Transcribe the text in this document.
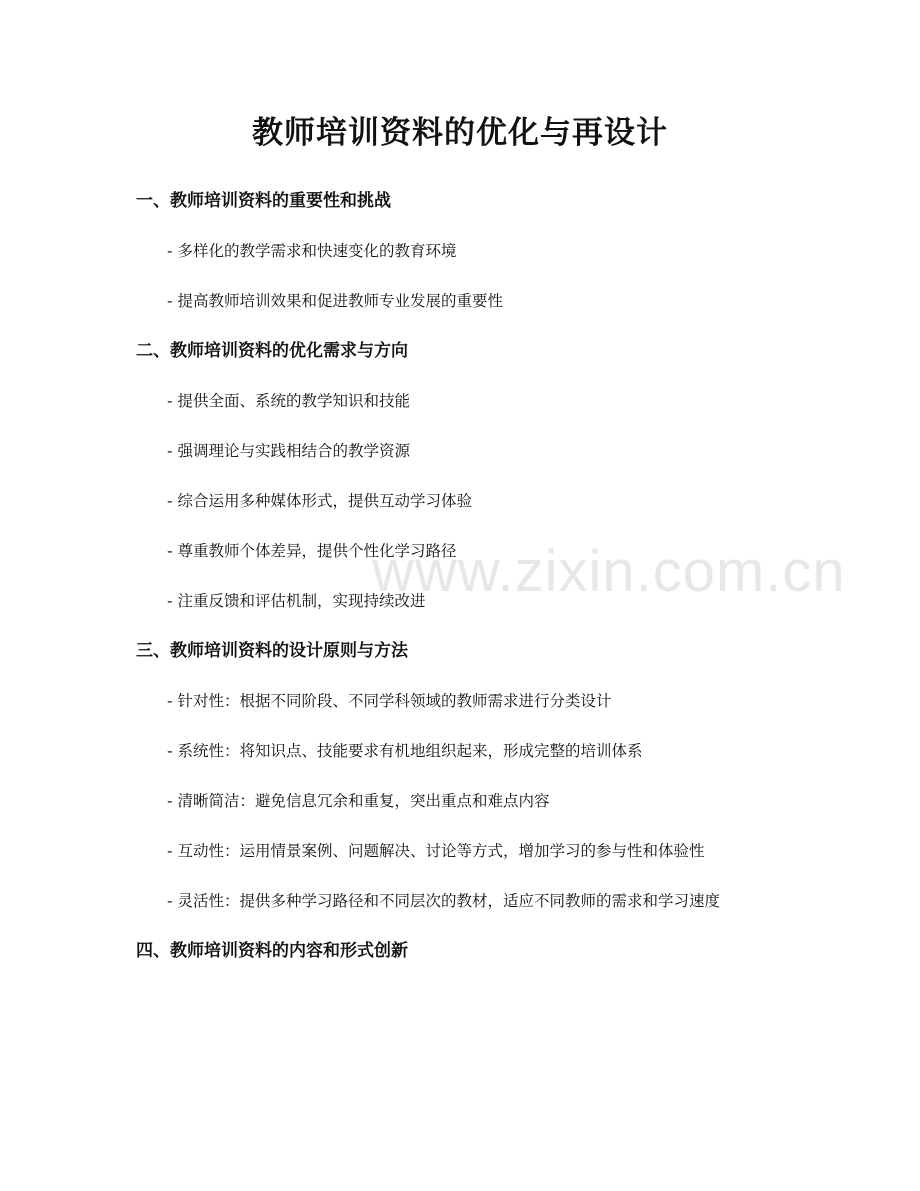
教师培训资料的优化与再设计
www.zixin.com.cn
一、教师培训资料的重要性和挑战

- 多样化的教学需求和快速变化的教育环境

- 提高教师培训效果和促进教师专业发展的重要性

二、教师培训资料的优化需求与方向

- 提供全面、系统的教学知识和技能

- 强调理论与实践相结合的教学资源

- 综合运用多种媒体形式，提供互动学习体验

- 尊重教师个体差异，提供个性化学习路径

- 注重反馈和评估机制，实现持续改进

三、教师培训资料的设计原则与方法

- 针对性：根据不同阶段、不同学科领域的教师需求进行分类设计

- 系统性：将知识点、技能要求有机地组织起来，形成完整的培训体系

- 清晰简洁：避免信息冗余和重复，突出重点和难点内容

- 互动性：运用情景案例、问题解决、讨论等方式，增加学习的参与性和体验性

- 灵活性：提供多种学习路径和不同层次的教材，适应不同教师的需求和学习速度

四、教师培训资料的内容和形式创新
